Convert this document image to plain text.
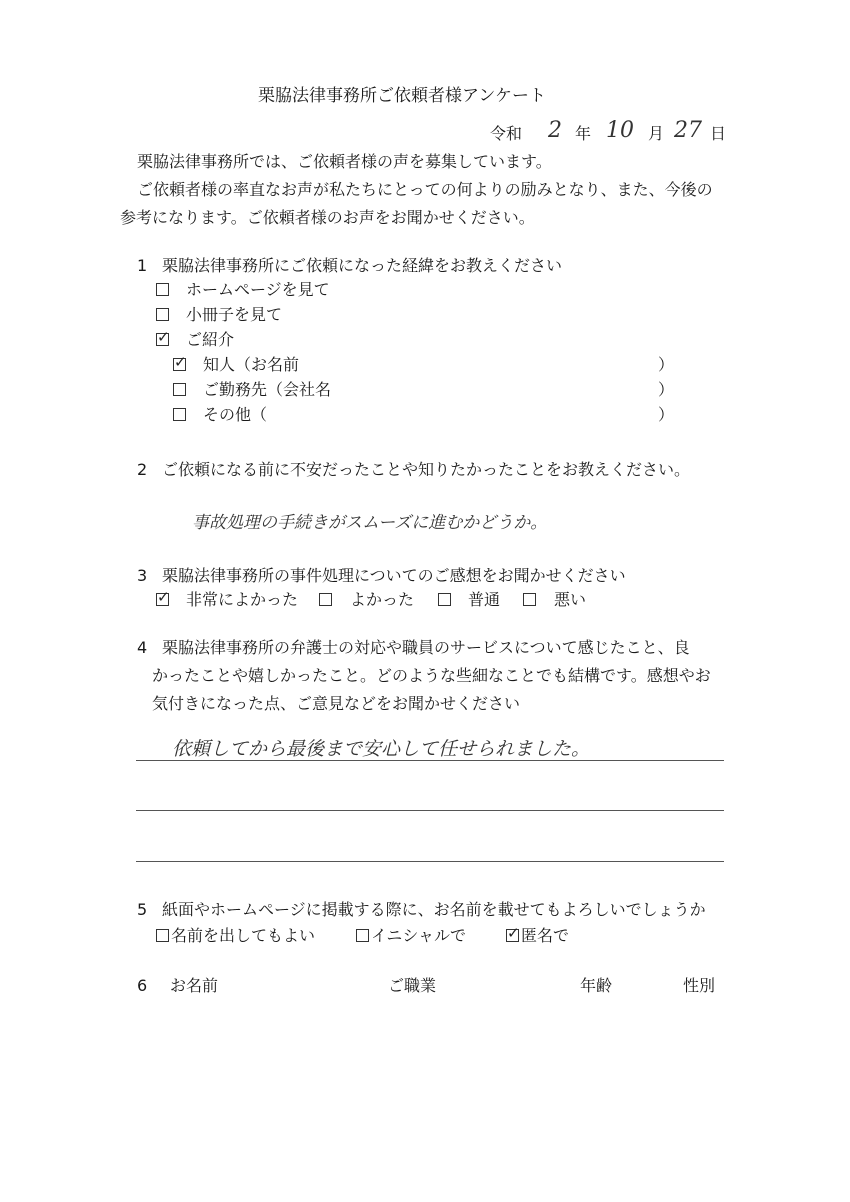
栗脇法律事務所ご依頼者様アンケート
令和 2 年 10 月 27 日
栗脇法律事務所では、ご依頼者様の声を募集しています。
ご依頼者様の率直なお声が私たちにとっての何よりの励みとなり、また、今後の
参考になります。ご依頼者様のお声をお聞かせください。
1 栗脇法律事務所にご依頼になった経緯をお教えください
ホームページを見て
小冊子を見て
✓
ご紹介
✓
知人（お名前	）
ご勤務先（会社名	）
その他（	）
2 ご依頼になる前に不安だったことや知りたかったことをお教えください。
事故処理の手続きがスムーズに進むかどうか。
3 栗脇法律事務所の事件処理についてのご感想をお聞かせください
✓
非常によかった	よかった	普通	悪い
4 栗脇法律事務所の弁護士の対応や職員のサービスについて感じたこと、良
かったことや嬉しかったこと。どのような些細なことでも結構です。感想やお
気付きになった点、ご意見などをお聞かせください
依頼してから最後まで安心して任せられました。
5 紙面やホームページに掲載する際に、お名前を載せてもよろしいでしょうか
名前を出してもよい	イニシャルで
✓	匿名で
6 お名前	ご職業	年齢	性別
